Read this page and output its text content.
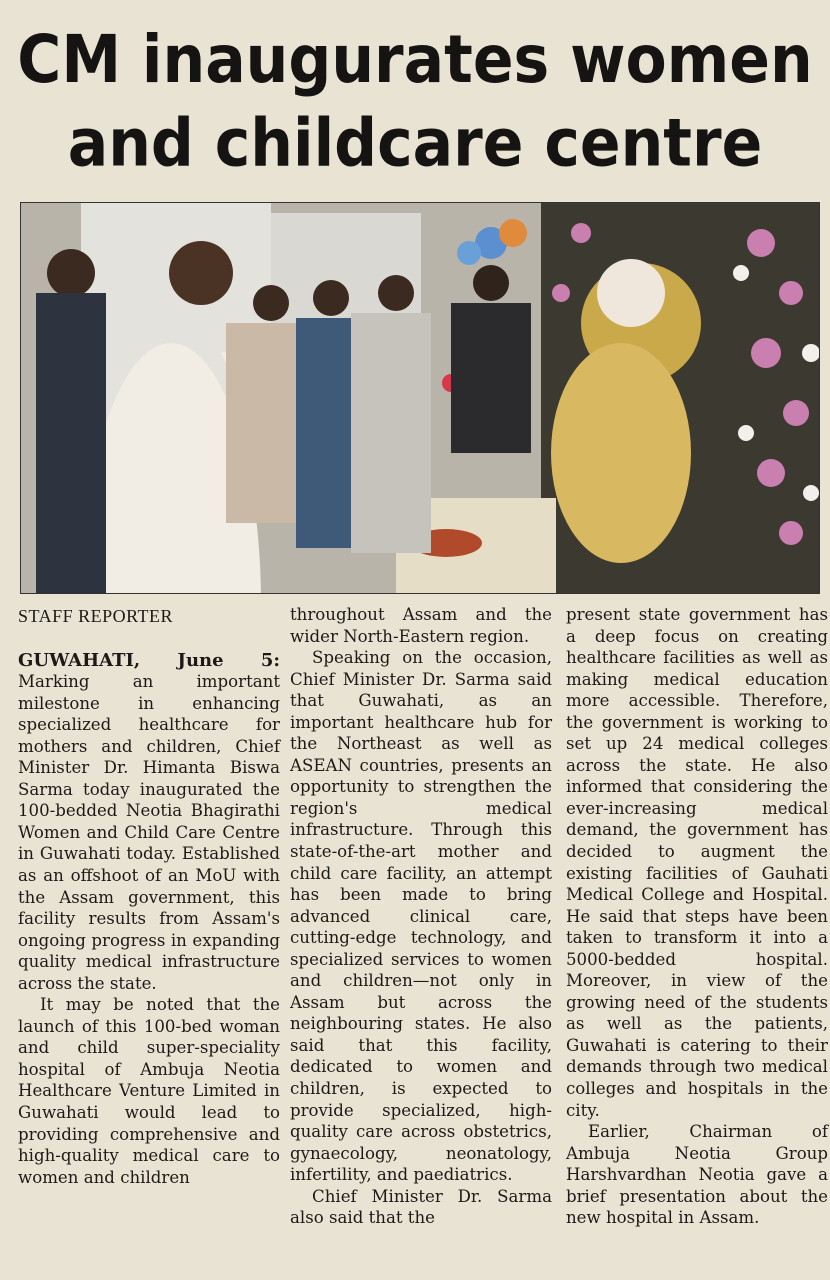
CM inaugurates women
and childcare centre
STAFF REPORTER

GUWAHATI, June 5: Marking an important milestone in enhancing specialized healthcare for mothers and children, Chief Minister Dr. Himanta Biswa Sarma today inaugurated the 100-bedded Neotia Bhagirathi Women and Child Care Centre in Guwahati today. Established as an offshoot of an MoU with the Assam government, this facility results from Assam's ongoing progress in expanding quality medical infrastructure across the state.

It may be noted that the launch of this 100-bed woman and child super-speciality hospital of Ambuja Neotia Healthcare Venture Limited in Guwahati would lead to providing comprehensive and high-quality medical care to women and children

throughout Assam and the wider North-Eastern region.

Speaking on the occasion, Chief Minister Dr. Sarma said that Guwahati, as an important healthcare hub for the Northeast as well as ASEAN countries, presents an opportunity to strengthen the region's medical infrastructure. Through this state-of-the-art mother and child care facility, an attempt has been made to bring advanced clinical care, cutting-edge technology, and specialized services to women and children—not only in Assam but across the neighbouring states. He also said that this facility, dedicated to women and children, is expected to provide specialized, high-quality care across obstetrics, gynaecology, neonatology, infertility, and paediatrics.

Chief Minister Dr. Sarma also said that the

present state government has a deep focus on creating healthcare facilities as well as making medical education more accessible. Therefore, the government is working to set up 24 medical colleges across the state. He also informed that considering the ever-increasing medical demand, the government has decided to augment the existing facilities of Gauhati Medical College and Hospital. He said that steps have been taken to transform it into a 5000-bedded hospital. Moreover, in view of the growing need of the students as well as the patients, Guwahati is catering to their demands through two medical colleges and hospitals in the city.

Earlier, Chairman of Ambuja Neotia Group Harshvardhan Neotia gave a brief presentation about the new hospital in Assam.
